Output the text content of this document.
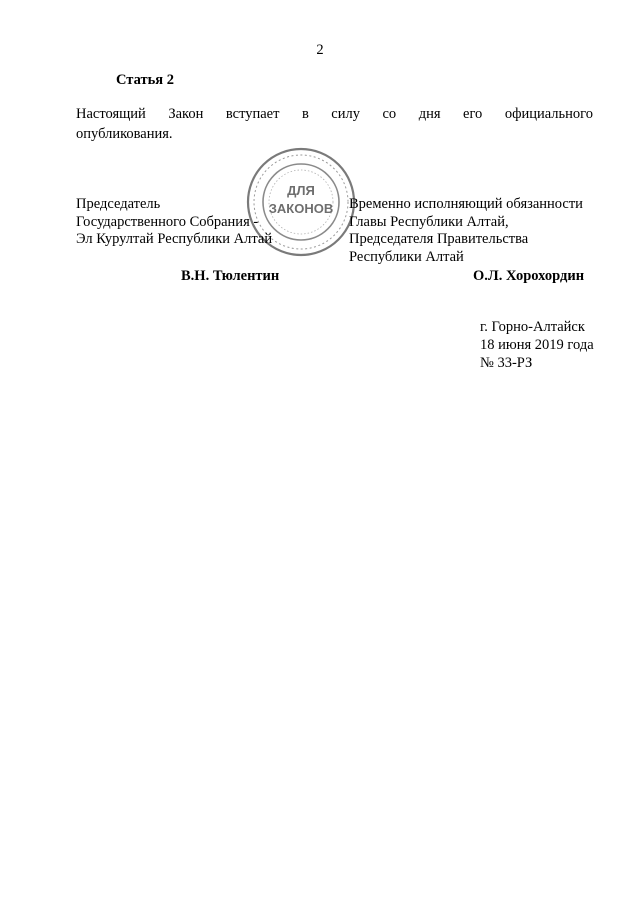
2
Статья 2
Настоящий Закон вступает в силу со дня его официального
опубликования.
ДЛЯ
ЗАКОНОВ
Председатель
Государственного Собрания -
Эл Курултай Республики Алтай
Временно исполняющий обязанности
Главы Республики Алтай,
Председателя Правительства
Республики Алтай
В.Н. Тюлентин	О.Л. Хорохордин
г. Горно-Алтайск
18 июня 2019 года
№ 33-РЗ
